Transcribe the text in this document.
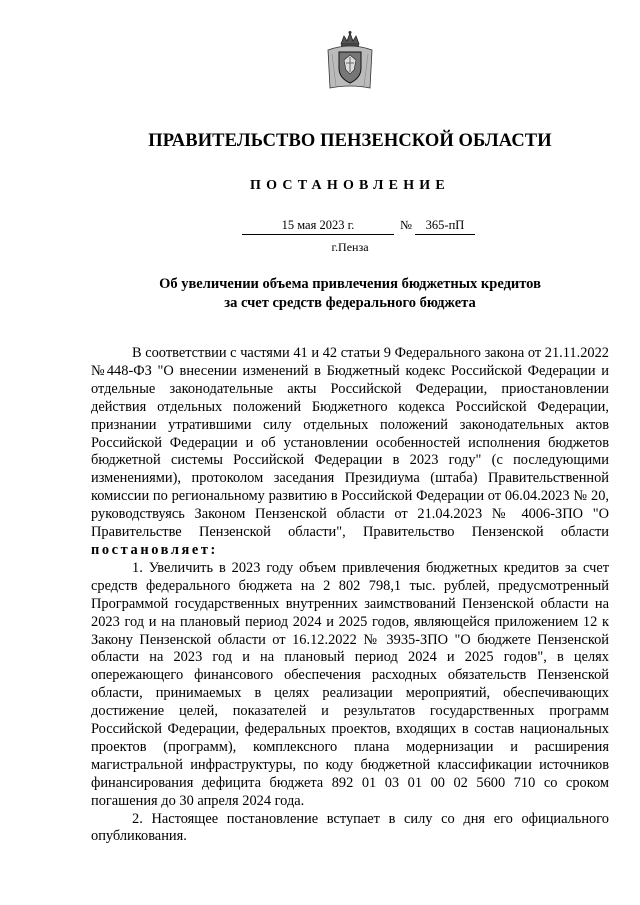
ПРАВИТЕЛЬСТВО ПЕНЗЕНСКОЙ ОБЛАСТИ
ПОСТАНОВЛЕНИЕ
15 мая 2023 г.	№	365-пП
г.Пенза
Об увеличении объема привлечения бюджетных кредитов
за счет средств федерального бюджета

В соответствии с частями 41 и 42 статьи 9 Федерального закона от 21.11.2022 №448-ФЗ "О внесении изменений в Бюджетный кодекс Российской Федерации и отдельные законодательные акты Российской Федерации, приостановлении действия отдельных положений Бюджетного кодекса Российской Федерации, признании утратившими силу отдельных положений законодательных актов Российской Федерации и об установлении особенностей исполнения бюджетов бюджетной системы Российской Федерации в 2023 году" (с последующими изменениями), протоколом заседания Президиума (штаба) Правительственной комиссии по региональному развитию в Российской Федерации от 06.04.2023 № 20, руководствуясь Законом Пензенской области от 21.04.2023 № 4006-ЗПО "О Правительстве Пензенской области", Правительство Пензенской области постановляет:

1. Увеличить в 2023 году объем привлечения бюджетных кредитов за счет средств федерального бюджета на 2 802 798,1 тыс. рублей, предусмотренный Программой государственных внутренних заимствований Пензенской области на 2023 год и на плановый период 2024 и 2025 годов, являющейся приложением 12 к Закону Пензенской области от 16.12.2022 № 3935-ЗПО "О бюджете Пензенской области на 2023 год и на плановый период 2024 и 2025 годов", в целях опережающего финансового обеспечения расходных обязательств Пензенской области, принимаемых в целях реализации мероприятий, обеспечивающих достижение целей, показателей и результатов государственных программ Российской Федерации, федеральных проектов, входящих в состав национальных проектов (программ), комплексного плана модернизации и расширения магистральной инфраструктуры, по коду бюджетной классификации источников финансирования дефицита бюджета 892 01 03 01 00 02 5600 710 со сроком погашения до 30 апреля 2024 года.

2. Настоящее постановление вступает в силу со дня его официального опубликования.
